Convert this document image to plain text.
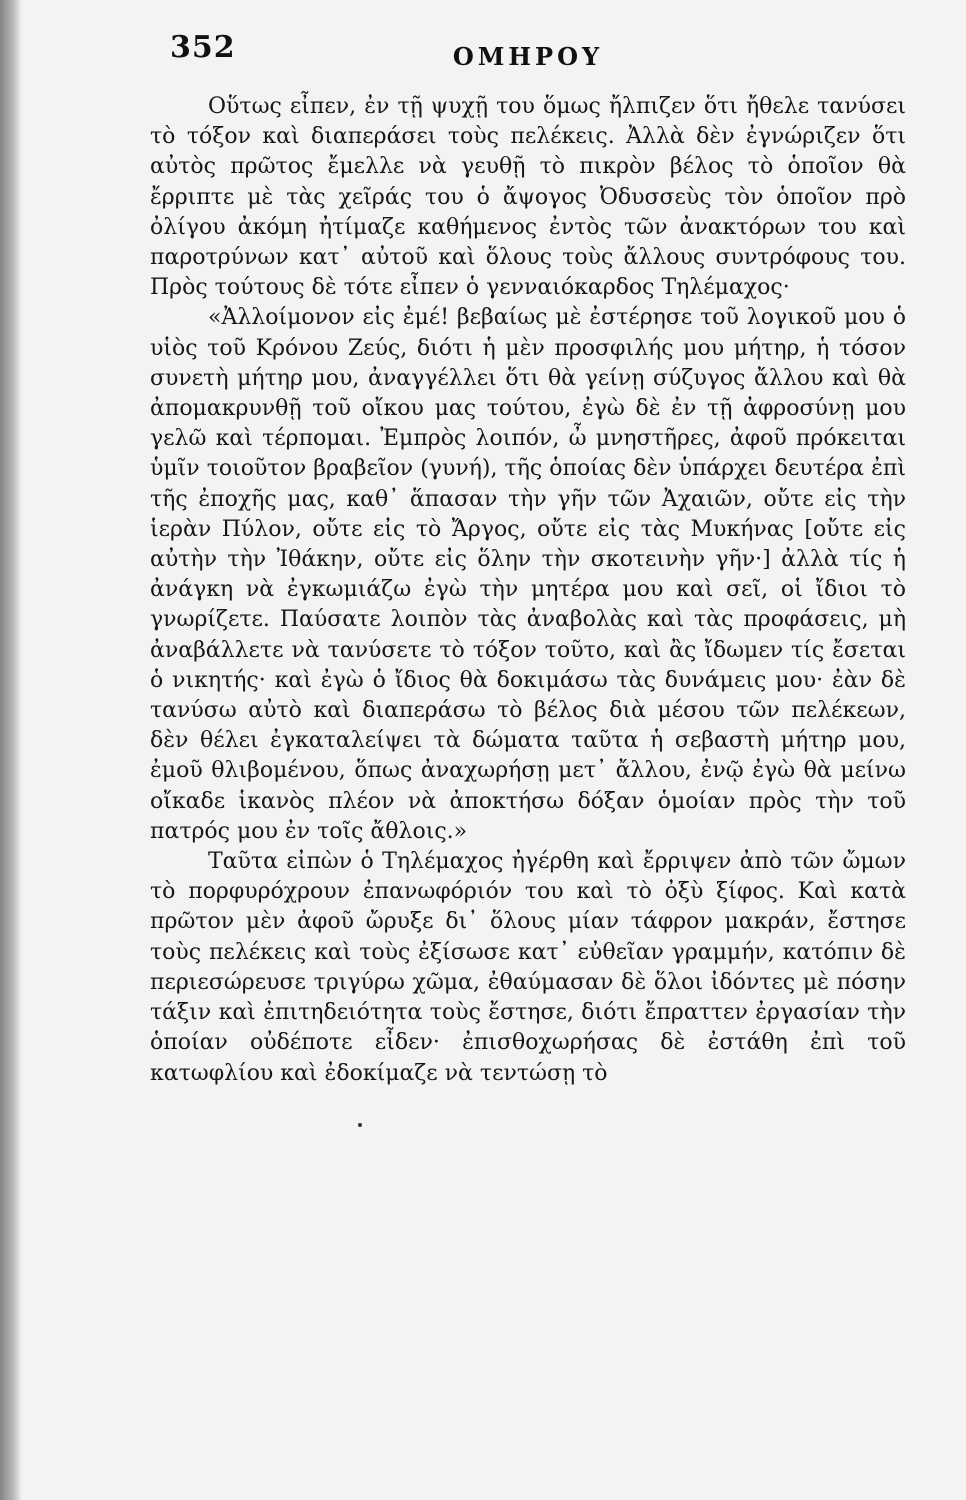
352	ΟΜΗΡΟΥ

Οὕτως εἶπεν, ἐν τῇ ψυχῇ του ὅμως ἤλπιζεν ὅτι ἤθελε τανύσει τὸ τόξον καὶ διαπεράσει τοὺς πελέκεις. Ἀλλὰ δὲν ἐγνώριζεν ὅτι αὐτὸς πρῶτος ἔμελλε νὰ γευθῇ τὸ πικρὸν βέλος τὸ ὁποῖον θὰ ἔρριπτε μὲ τὰς χεῖράς του ὁ ἄψογος Ὀδυσσεὺς τὸν ὁποῖον πρὸ ὀλίγου ἀκόμη ἠτίμαζε καθήμενος ἐντὸς τῶν ἀνακτόρων του καὶ παροτρύνων κατ᾽ αὐτοῦ καὶ ὅλους τοὺς ἄλλους συντρόφους του. Πρὸς τούτους δὲ τότε εἶπεν ὁ γενναιόκαρδος Τηλέμαχος·

«Ἀλλοίμονον εἰς ἐμέ! βεβαίως μὲ ἐστέρησε τοῦ λογικοῦ μου ὁ υἱὸς τοῦ Κρόνου Ζεύς, διότι ἡ μὲν προσφιλής μου μήτηρ, ἡ τόσον συνετὴ μήτηρ μου, ἀναγγέλλει ὅτι θὰ γείνῃ σύζυγος ἄλλου καὶ θὰ ἀπομακρυνθῇ τοῦ οἴκου μας τούτου, ἐγὼ δὲ ἐν τῇ ἀφροσύνῃ μου γελῶ καὶ τέρπομαι. Ἐμπρὸς λοιπόν, ὦ μνηστῆρες, ἀφοῦ πρόκειται ὑμῖν τοιοῦτον βραβεῖον (γυνή), τῆς ὁποίας δὲν ὑπάρχει δευτέρα ἐπὶ τῆς ἐποχῆς μας, καθ᾽ ἅπασαν τὴν γῆν τῶν Ἀχαιῶν, οὔτε εἰς τὴν ἱερὰν Πύλον, οὔτε εἰς τὸ Ἄργος, οὔτε εἰς τὰς Μυκήνας [οὔτε εἰς αὐτὴν τὴν Ἰθάκην, οὔτε εἰς ὅλην τὴν σκοτεινὴν γῆν·] ἀλλὰ τίς ἡ ἀνάγκη νὰ ἐγκωμιάζω ἐγὼ τὴν μητέρα μου καὶ σεῖ, οἱ ἴδιοι τὸ γνωρίζετε. Παύσατε λοιπὸν τὰς ἀναβολὰς καὶ τὰς προφάσεις, μὴ ἀναβάλλετε νὰ τανύσετε τὸ τόξον τοῦτο, καὶ ἂς ἴδωμεν τίς ἔσεται ὁ νικητής· καὶ ἐγὼ ὁ ἴδιος θὰ δοκιμάσω τὰς δυνάμεις μου· ἐὰν δὲ τανύσω αὐτὸ καὶ διαπεράσω τὸ βέλος διὰ μέσου τῶν πελέκεων, δὲν θέλει ἐγκαταλείψει τὰ δώματα ταῦτα ἡ σεβαστὴ μήτηρ μου, ἐμοῦ θλιβομένου, ὅπως ἀναχωρήσῃ μετ᾽ ἄλλου, ἐνῷ ἐγὼ θὰ μείνω οἴκαδε ἱκανὸς πλέον νὰ ἀποκτήσω δόξαν ὁμοίαν πρὸς τὴν τοῦ πατρός μου ἐν τοῖς ἄθλοις.»

Ταῦτα εἰπὼν ὁ Τηλέμαχος ἠγέρθη καὶ ἔρριψεν ἀπὸ τῶν ὤμων τὸ πορφυρόχρουν ἐπανωφόριόν του καὶ τὸ ὀξὺ ξίφος. Καὶ κατὰ πρῶτον μὲν ἀφοῦ ὤρυξε δι᾽ ὅλους μίαν τάφρον μακράν, ἔστησε τοὺς πελέκεις καὶ τοὺς ἐξίσωσε κατ᾽ εὐθεῖαν γραμμήν, κατόπιν δὲ περιεσώρευσε τριγύρω χῶμα, ἐθαύμασαν δὲ ὅλοι ἰδόντες μὲ πόσην τάξιν καὶ ἐπιτηδειότητα τοὺς ἔστησε, διότι ἔπραττεν ἐργασίαν τὴν ὁποίαν οὐδέποτε εἶδεν· ἐπισθοχωρήσας δὲ ἐστάθη ἐπὶ τοῦ κατωφλίου καὶ ἐδοκίμαζε νὰ τεντώσῃ τὸ
